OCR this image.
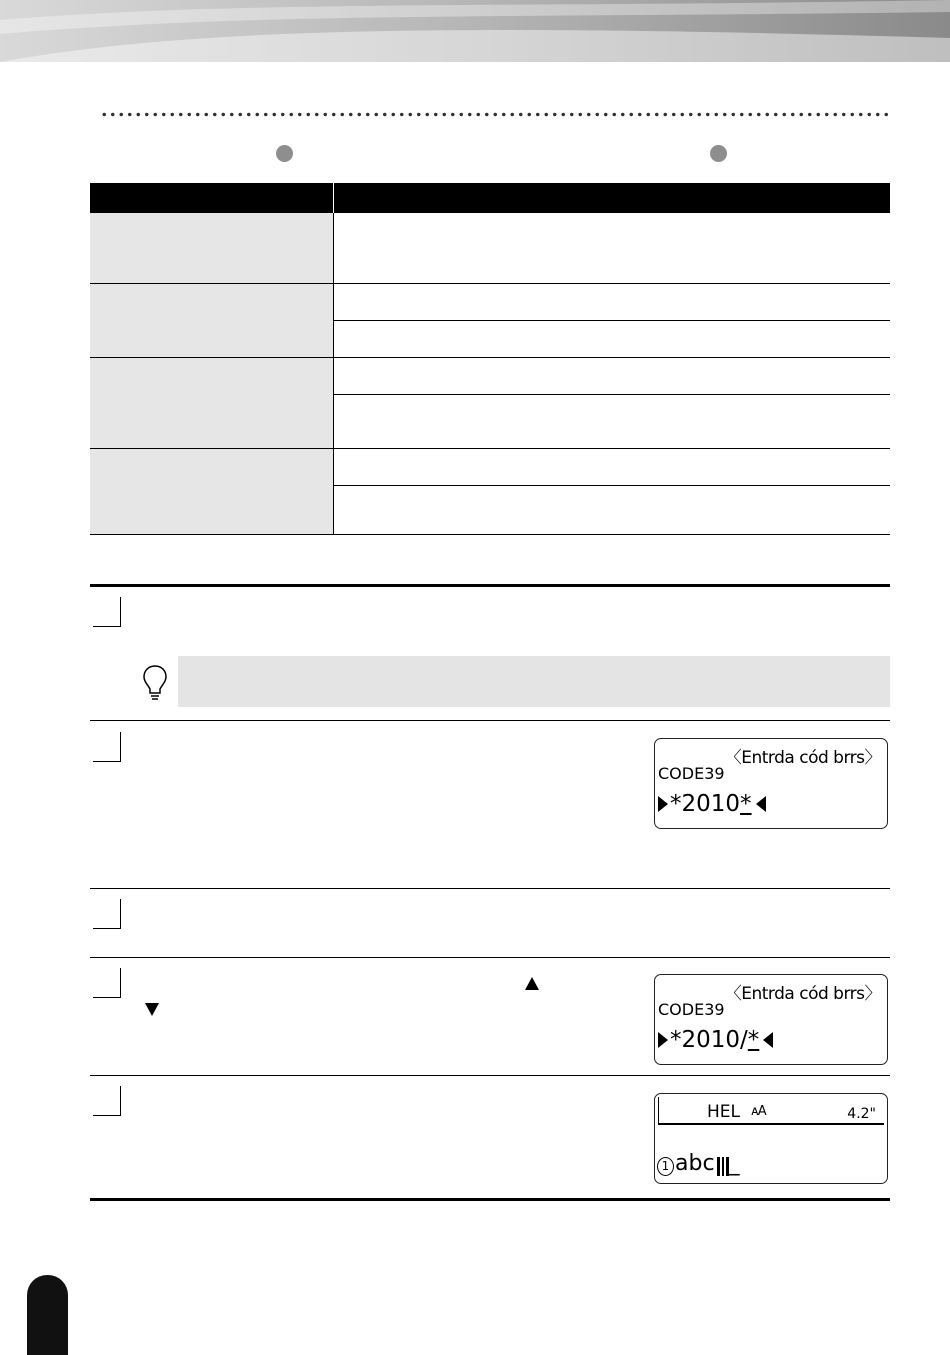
〈Entrda cód brrs〉
CODE39
*2010 *
〈Entrda cód brrs〉
CODE39
*2010/ *
HEL ᴀA	4.2"
1 abc _
